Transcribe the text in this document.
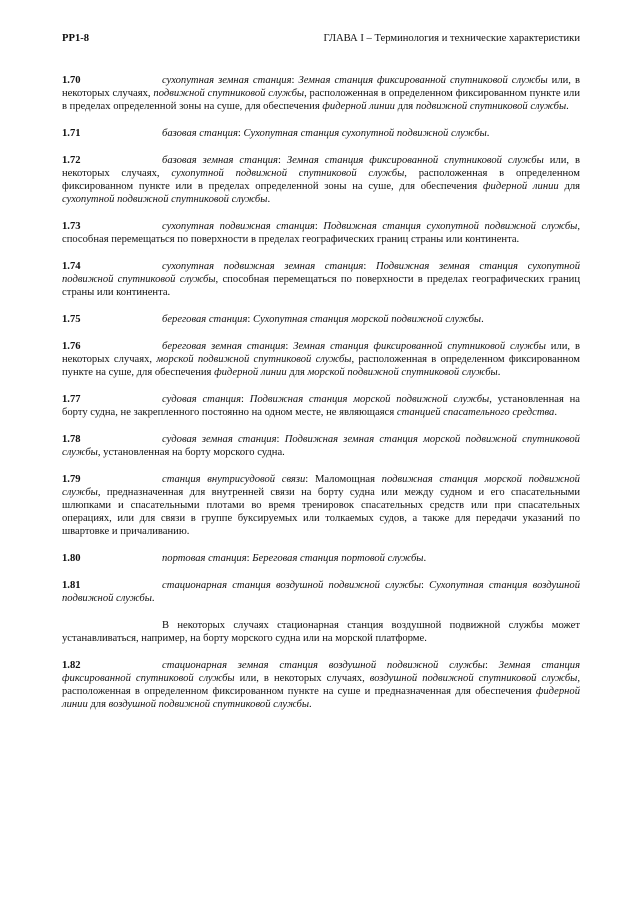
PP1-8	ГЛАВА I – Терминология и технические характеристики

1.70	сухопутная земная станция: Земная станция фиксированной спутниковой службы или, в некоторых случаях, подвижной спутниковой службы, расположенная в определенном фиксированном пункте или в пределах определенной зоны на суше, для обеспечения фидерной линии для подвижной спутниковой службы.

1.71	базовая станция: Сухопутная станция сухопутной подвижной службы.

1.72	базовая земная станция: Земная станция фиксированной спутниковой службы или, в некоторых случаях, сухопутной подвижной спутниковой службы, расположенная в определенном фиксированном пункте или в пределах определенной зоны на суше, для обеспечения фидерной линии для сухопутной подвижной спутниковой службы.

1.73	сухопутная подвижная станция: Подвижная станция сухопутной подвижной службы, способная перемещаться по поверхности в пределах географических границ страны или континента.

1.74	сухопутная подвижная земная станция: Подвижная земная станция сухопутной подвижной спутниковой службы, способная перемещаться по поверхности в пределах географических границ страны или континента.

1.75	береговая станция: Сухопутная станция морской подвижной службы.

1.76	береговая земная станция: Земная станция фиксированной спутниковой службы или, в некоторых случаях, морской подвижной спутниковой службы, расположенная в определенном фиксированном пункте на суше, для обеспечения фидерной линии для морской подвижной спутниковой службы.

1.77	судовая станция: Подвижная станция морской подвижной службы, установленная на борту судна, не закрепленного постоянно на одном месте, не являющаяся станцией спасательного средства.

1.78	судовая земная станция: Подвижная земная станция морской подвижной спутниковой службы, установленная на борту морского судна.

1.79	станция внутрисудовой связи: Маломощная подвижная станция морской подвижной службы, предназначенная для внутренней связи на борту судна или между судном и его спасательными шлюпками и спасательными плотами во время тренировок спасательных средств или при спасательных операциях, или для связи в группе буксируемых или толкаемых судов, а также для передачи указаний по швартовке и причаливанию.

1.80	портовая станция: Береговая станция портовой службы.

1.81	стационарная станция воздушной подвижной службы: Сухопутная станция воздушной подвижной службы.

В некоторых случаях стационарная станция воздушной подвижной службы может устанавливаться, например, на борту морского судна или на морской платформе.

1.82	стационарная земная станция воздушной подвижной службы: Земная станция фиксированной спутниковой службы или, в некоторых случаях, воздушной подвижной спутниковой службы, расположенная в определенном фиксированном пункте на суше и предназначенная для обеспечения фидерной линии для воздушной подвижной спутниковой службы.
